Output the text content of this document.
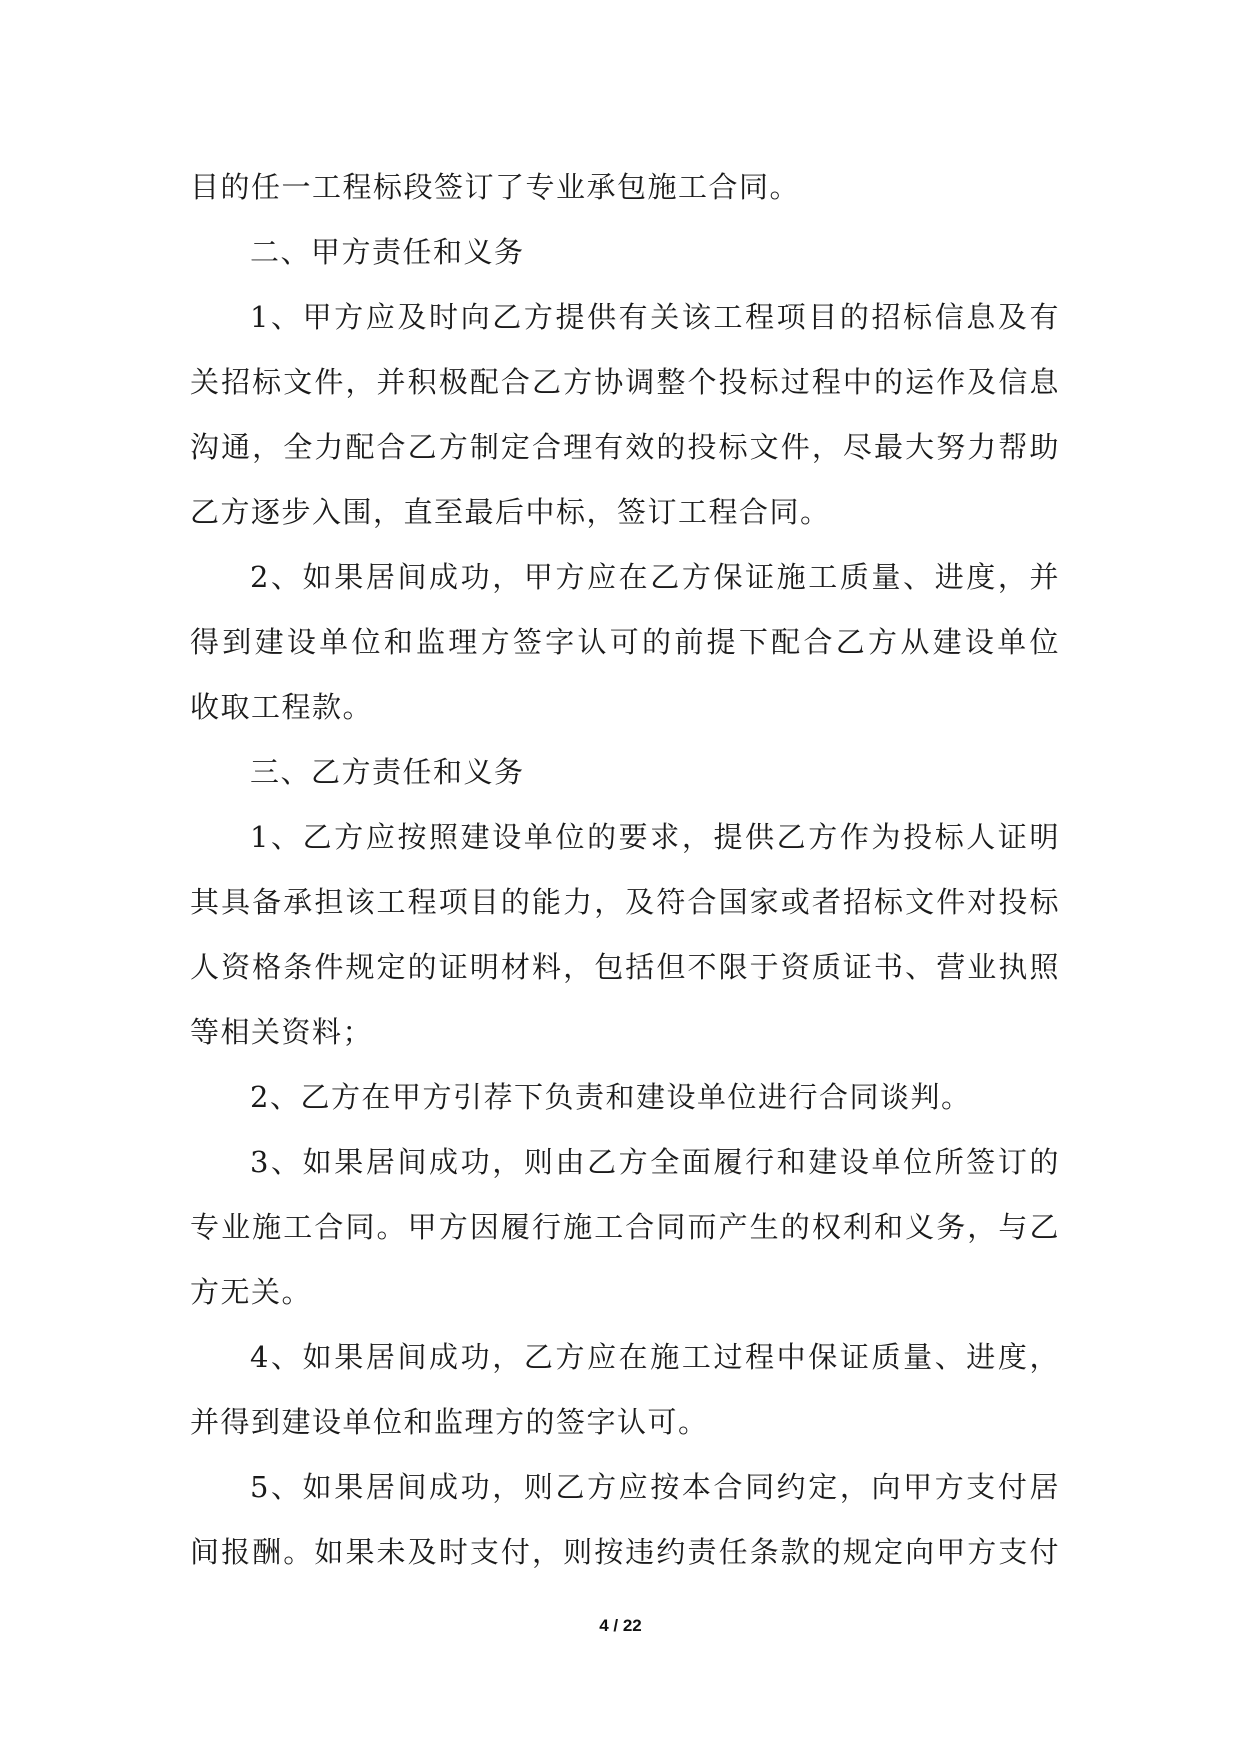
目的任一工程标段签订了专业承包施工合同。
二、甲方责任和义务
1、甲方应及时向乙方提供有关该工程项目的招标信息及有
关招标文件，并积极配合乙方协调整个投标过程中的运作及信息
沟通，全力配合乙方制定合理有效的投标文件，尽最大努力帮助
乙方逐步入围，直至最后中标，签订工程合同。
2、如果居间成功，甲方应在乙方保证施工质量、进度，并
得到建设单位和监理方签字认可的前提下配合乙方从建设单位
收取工程款。
三、乙方责任和义务
1、乙方应按照建设单位的要求，提供乙方作为投标人证明
其具备承担该工程项目的能力，及符合国家或者招标文件对投标
人资格条件规定的证明材料，包括但不限于资质证书、营业执照
等相关资料；
2、乙方在甲方引荐下负责和建设单位进行合同谈判。
3、如果居间成功，则由乙方全面履行和建设单位所签订的
专业施工合同。甲方因履行施工合同而产生的权利和义务，与乙
方无关。
4、如果居间成功，乙方应在施工过程中保证质量、进度，
并得到建设单位和监理方的签字认可。
5、如果居间成功，则乙方应按本合同约定，向甲方支付居
间报酬。如果未及时支付，则按违约责任条款的规定向甲方支付
4 / 22
